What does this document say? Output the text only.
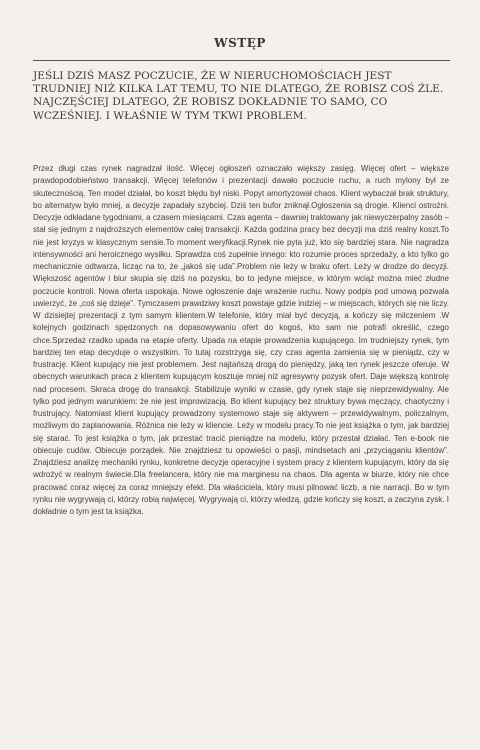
WSTĘP

JEŚLI DZIŚ MASZ POCZUCIE, ŻE W NIERUCHOMOŚCIACH JEST TRUDNIEJ NIŻ KILKA LAT TEMU, TO NIE DLATEGO, ŻE ROBISZ COŚ ŹLE. NAJCZĘŚCIEJ DLATEGO, ŻE ROBISZ DOKŁADNIE TO SAMO, CO WCZEŚNIEJ. I WŁAŚNIE W TYM TKWI PROBLEM.

Przez długi czas rynek nagradzał ilość. Więcej ogłoszeń oznaczało większy zasięg. Więcej ofert – większe prawdopodobieństwo transakcji. Więcej telefonów i prezentacji dawało poczucie ruchu, a ruch mylony był ze skutecznością. Ten model działał, bo koszt błędu był niski. Popyt amortyzował chaos. Klient wybaczał brak struktury, bo alternatyw było mniej, a decyzje zapadały szybciej. Dziś ten bufor zniknął.Ogłoszenia są drogie. Klienci ostrożni. Decyzje odkładane tygodniami, a czasem miesiącami. Czas agenta – dawniej traktowany jak niewyczerpalny zasób – stał się jednym z najdroższych elementów całej transakcji. Każda godzina pracy bez decyzji ma dziś realny koszt.To nie jest kryzys w klasycznym sensie.To moment weryfikacji.Rynek nie pyta już, kto się bardziej stara. Nie nagradza intensywności ani heroicznego wysiłku. Sprawdza coś zupełnie innego: kto rozumie proces sprzedaży, a kto tylko go mechanicznie odtwarza, licząc na to, że „jakoś się uda”.Problem nie leży w braku ofert. Leży w drodze do decyzji. Większość agentów i biur skupia się dziś na pozysku, bo to jedyne miejsce, w którym wciąż można mieć złudne poczucie kontroli. Nowa oferta uspokaja. Nowe ogłoszenie daje wrażenie ruchu. Nowy podpis pod umową pozwala uwierzyć, że „coś się dzieje”. Tymczasem prawdziwy koszt powstaje gdzie indziej – w miejscach, których się nie liczy. W dzisiejtej prezentacji z tym samym klientem.W telefonie, który miał być decyzją, a kończy się milczeniem .W kolejnych godzinach spędzonych na dopasowywaniu ofert do kogoś, kto sam nie potrafi określić, czego chce.Sprzedaż rzadko upada na etapie oferty. Upada na etapie prowadzenia kupującego. Im trudniejszy rynek, tym bardziej ten etap decyduje o wszystkim. To tutaj rozstrzyga się, czy czas agenta zamienia się w pieniądz, czy w frustrację. Klient kupujący nie jest problemem. Jest najtańszą drogą do pieniędzy, jaką ten rynek jeszcze oferuje. W obecnych warunkach praca z klientem kupującym kosztuje mniej niż agresywny pozysk ofert. Daje większą kontrolę nad procesem. Skraca drogę do transakcji. Stabilizuje wyniki w czasie, gdy rynek staje się nieprzewidywalny. Ale tylko pod jednym warunkiem: że nie jest improwizacją. Bo klient kupujący bez struktury bywa męczący, chaotyczny i frustrujący. Natomiast klient kupujący prowadzony systemowo staje się aktywem – przewidywalnym, policzalnym, możliwym do zaplanowania. Różnica nie leży w kliencie. Leży w modelu pracy.To nie jest książka o tym, jak bardziej się starać. To jest książka o tym, jak przestać tracić pieniądze na modelu, który przestał działać. Ten e-book nie obiecuje cudów. Obiecuje porządek. Nie znajdziesz tu opowieści o pasji, mindsetach ani „przyciąganiu klientów”. Znajdziesz analizę mechaniki rynku, konkretne decyzje operacyjne i system pracy z klientem kupującym, który da się wdrożyć w realnym świecie.Dla freelancera, który nie ma marginesu na chaos. Dla agenta w biurze, który nie chce pracować coraz więcej za coraz mniejszy efekt. Dla właściciela, który musi pilnować liczb, a nie narracji. Bo w tym rynku nie wygrywają ci, którzy robią najwięcej. Wygrywają ci, którzy wiedzą, gdzie kończy się koszt, a zaczyna zysk. I dokładnie o tym jest ta książka.
